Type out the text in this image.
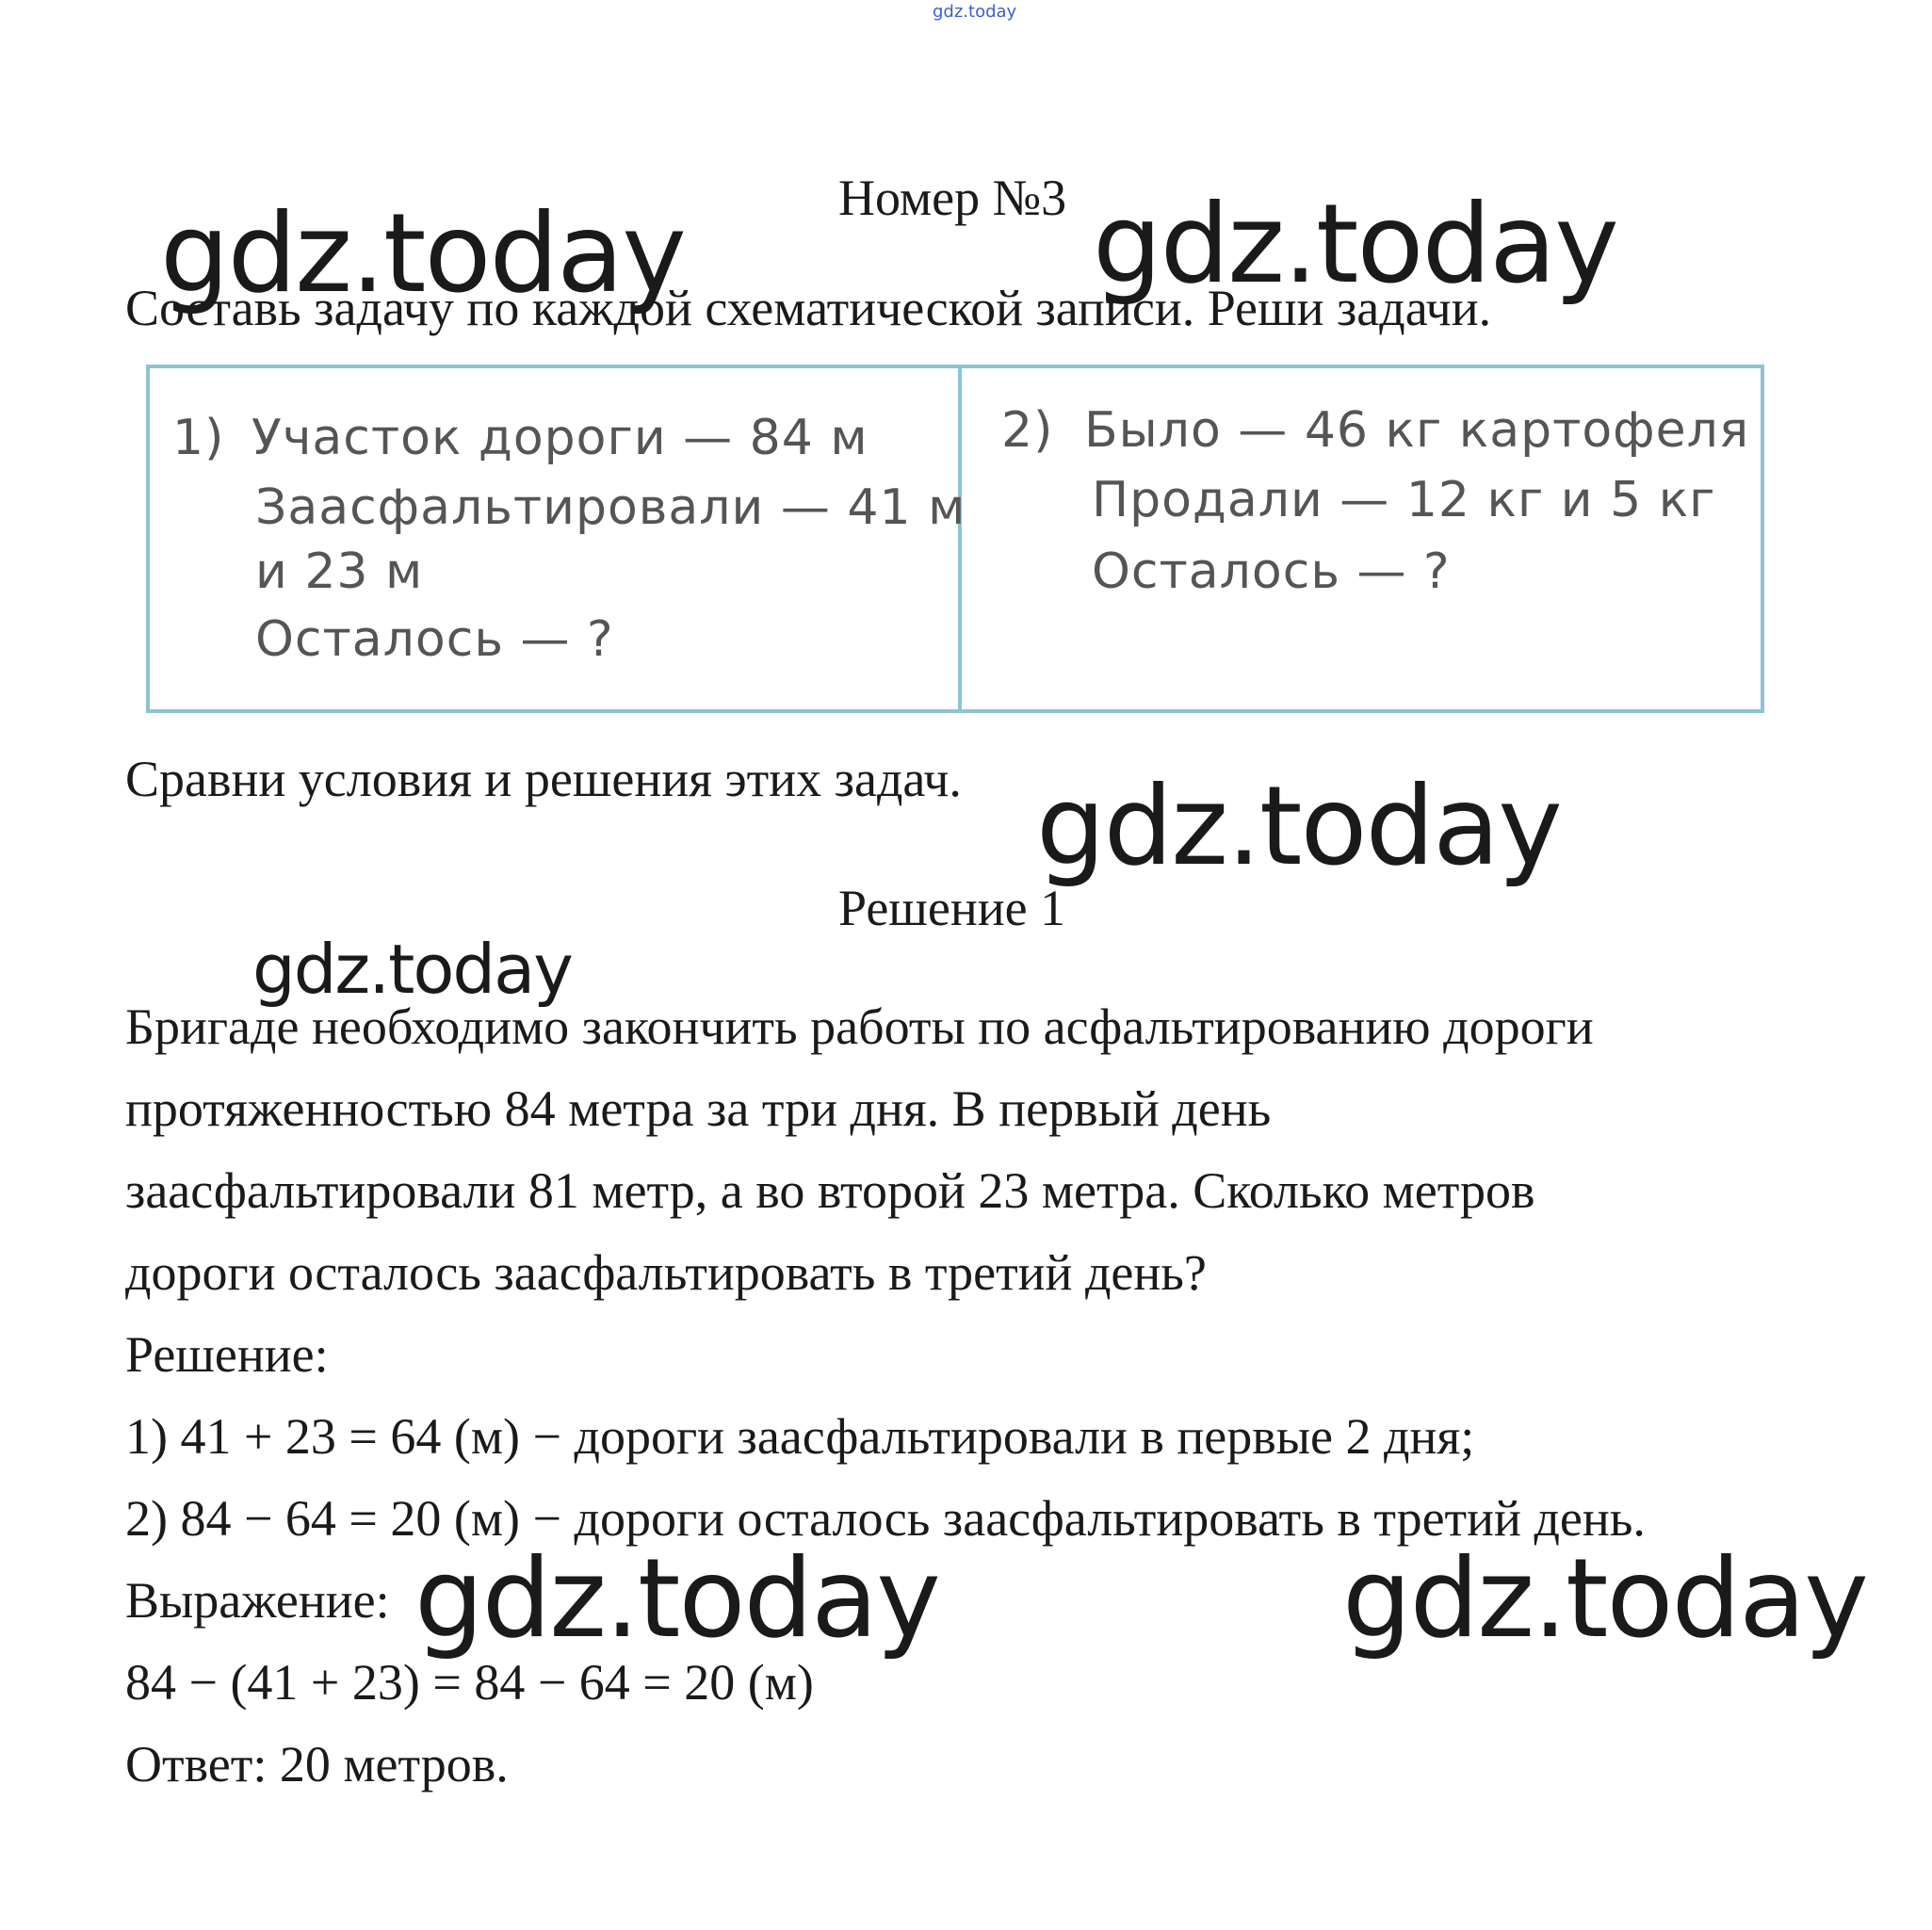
gdz.today
Номер №3
gdz.today	gdz.today
Составь задачу по каждой схематической записи. Реши задачи.
1) Участок дороги — 84 м
Заасфальтировали — 41 м
и 23 м
Осталось — ?
2) Было — 46 кг картофеля
Продали — 12 кг и 5 кг
Осталось — ?
Сравни условия и решения этих задач. gdz.today
Решение 1
gdz.today
Бригаде необходимо закончить работы по асфальтированию дороги
протяженностью 84 метра за три дня. В первый день
заасфальтировали 81 метр, а во второй 23 метра. Сколько метров
дороги осталось заасфальтировать в третий день?
Решение:
1) 41 + 23 = 64 (м) − дороги заасфальтировали в первые 2 дня;
2) 84 − 64 = 20 (м) − дороги осталось заасфальтировать в третий день.
Выражение: gdz.today	gdz.today
84 − (41 + 23) = 84 − 64 = 20 (м)
Ответ: 20 метров.
